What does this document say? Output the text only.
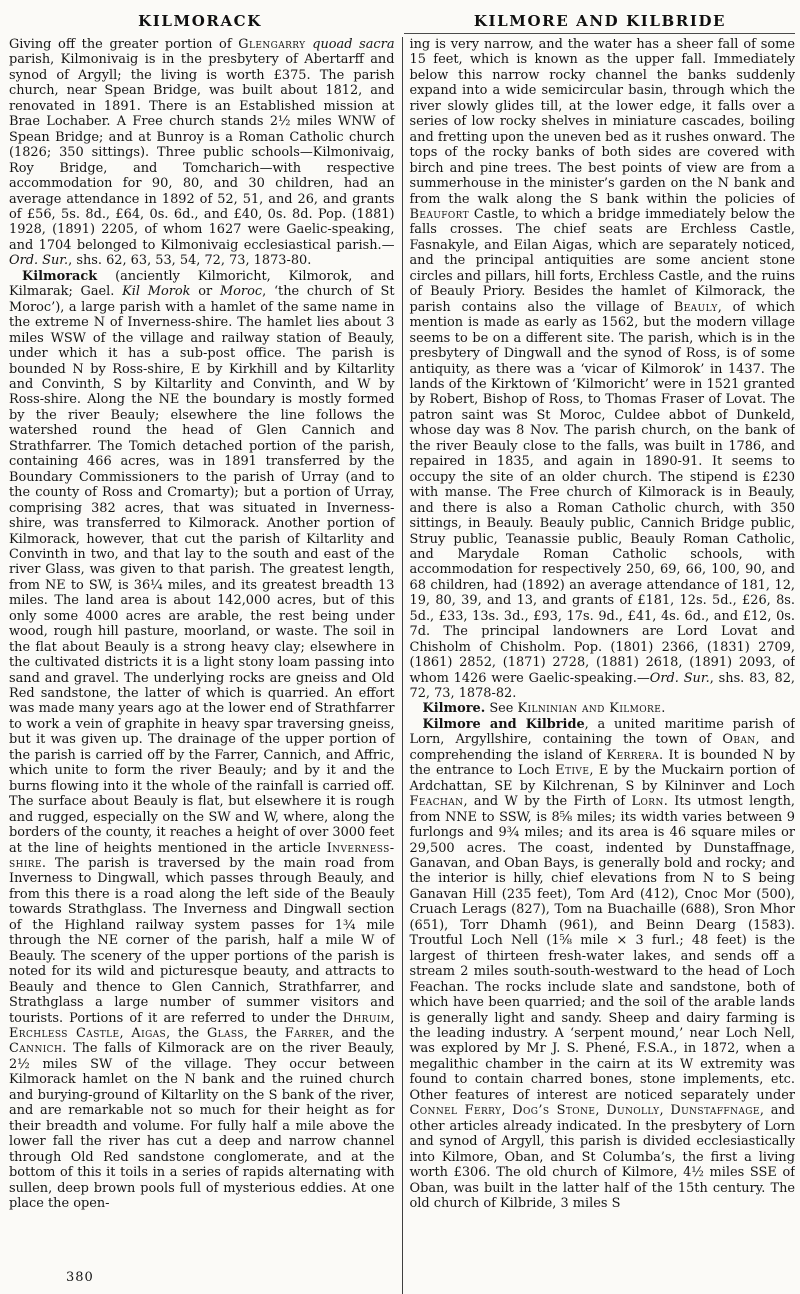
KILMORACK	KILMORE AND KILBRIDE

Giving off the greater portion of Glengarry quoad sacra parish, Kilmonivaig is in the presbytery of Abertarff and synod of Argyll; the living is worth £375. The parish church, near Spean Bridge, was built about 1812, and renovated in 1891. There is an Established mission at Brae Lochaber. A Free church stands 2½ miles WNW of Spean Bridge; and at Bunroy is a Roman Catholic church (1826; 350 sittings). Three public schools—Kilmonivaig, Roy Bridge, and Tomcharich—with respective accommodation for 90, 80, and 30 children, had an average attendance in 1892 of 52, 51, and 26, and grants of £56, 5s. 8d., £64, 0s. 6d., and £40, 0s. 8d. Pop. (1881) 1928, (1891) 2205, of whom 1627 were Gaelic-speaking, and 1704 belonged to Kilmonivaig ecclesiastical parish.—Ord. Sur., shs. 62, 63, 53, 54, 72, 73, 1873-80.

Kilmorack (anciently Kilmoricht, Kilmorok, and Kilmarak; Gael. Kil Morok or Moroc, ‘the church of St Moroc’), a large parish with a hamlet of the same name in the extreme N of Inverness-shire. The hamlet lies about 3 miles WSW of the village and railway station of Beauly, under which it has a sub-post office. The parish is bounded N by Ross-shire, E by Kirkhill and by Kiltarlity and Convinth, S by Kiltarlity and Convinth, and W by Ross-shire. Along the NE the boundary is mostly formed by the river Beauly; elsewhere the line follows the watershed round the head of Glen Cannich and Strathfarrer. The Tomich detached portion of the parish, containing 466 acres, was in 1891 transferred by the Boundary Commissioners to the parish of Urray (and to the county of Ross and Cromarty); but a portion of Urray, comprising 382 acres, that was situated in Inverness-shire, was transferred to Kilmorack. Another portion of Kilmorack, however, that cut the parish of Kiltarlity and Convinth in two, and that lay to the south and east of the river Glass, was given to that parish. The greatest length, from NE to SW, is 36¼ miles, and its greatest breadth 13 miles. The land area is about 142,000 acres, but of this only some 4000 acres are arable, the rest being under wood, rough hill pasture, moorland, or waste. The soil in the flat about Beauly is a strong heavy clay; elsewhere in the cultivated districts it is a light stony loam passing into sand and gravel. The underlying rocks are gneiss and Old Red sandstone, the latter of which is quarried. An effort was made many years ago at the lower end of Strathfarrer to work a vein of graphite in heavy spar traversing gneiss, but it was given up. The drainage of the upper portion of the parish is carried off by the Farrer, Cannich, and Affric, which unite to form the river Beauly; and by it and the burns flowing into it the whole of the rainfall is carried off. The surface about Beauly is flat, but elsewhere it is rough and rugged, especially on the SW and W, where, along the borders of the county, it reaches a height of over 3000 feet at the line of heights mentioned in the article Inverness-shire. The parish is traversed by the main road from Inverness to Dingwall, which passes through Beauly, and from this there is a road along the left side of the Beauly towards Strathglass. The Inverness and Dingwall section of the Highland railway system passes for 1¾ mile through the NE corner of the parish, half a mile W of Beauly. The scenery of the upper portions of the parish is noted for its wild and picturesque beauty, and attracts to Beauly and thence to Glen Cannich, Strathfarrer, and Strathglass a large number of summer visitors and tourists. Portions of it are referred to under the Dhruim, Erchless Castle, Aigas, the Glass, the Farrer, and the Cannich. The falls of Kilmorack are on the river Beauly, 2½ miles SW of the village. They occur between Kilmorack hamlet on the N bank and the ruined church and burying-ground of Kiltarlity on the S bank of the river, and are remarkable not so much for their height as for their breadth and volume. For fully half a mile above the lower fall the river has cut a deep and narrow channel through Old Red sandstone conglomerate, and at the bottom of this it toils in a series of rapids alternating with sullen, deep brown pools full of mysterious eddies. At one place the open-

ing is very narrow, and the water has a sheer fall of some 15 feet, which is known as the upper fall. Immediately below this narrow rocky channel the banks suddenly expand into a wide semicircular basin, through which the river slowly glides till, at the lower edge, it falls over a series of low rocky shelves in miniature cascades, boiling and fretting upon the uneven bed as it rushes onward. The tops of the rocky banks of both sides are covered with birch and pine trees. The best points of view are from a summerhouse in the minister’s garden on the N bank and from the walk along the S bank within the policies of Beaufort Castle, to which a bridge immediately below the falls crosses. The chief seats are Erchless Castle, Fasnakyle, and Eilan Aigas, which are separately noticed, and the principal antiquities are some ancient stone circles and pillars, hill forts, Erchless Castle, and the ruins of Beauly Priory. Besides the hamlet of Kilmorack, the parish contains also the village of Beauly, of which mention is made as early as 1562, but the modern village seems to be on a different site. The parish, which is in the presbytery of Dingwall and the synod of Ross, is of some antiquity, as there was a ‘vicar of Kilmorok’ in 1437. The lands of the Kirktown of ‘Kilmoricht’ were in 1521 granted by Robert, Bishop of Ross, to Thomas Fraser of Lovat. The patron saint was St Moroc, Culdee abbot of Dunkeld, whose day was 8 Nov. The parish church, on the bank of the river Beauly close to the falls, was built in 1786, and repaired in 1835, and again in 1890-91. It seems to occupy the site of an older church. The stipend is £230 with manse. The Free church of Kilmorack is in Beauly, and there is also a Roman Catholic church, with 350 sittings, in Beauly. Beauly public, Cannich Bridge public, Struy public, Teanassie public, Beauly Roman Catholic, and Marydale Roman Catholic schools, with accommodation for respectively 250, 69, 66, 100, 90, and 68 children, had (1892) an average attendance of 181, 12, 19, 80, 39, and 13, and grants of £181, 12s. 5d., £26, 8s. 5d., £33, 13s. 3d., £93, 17s. 9d., £41, 4s. 6d., and £12, 0s. 7d. The principal landowners are Lord Lovat and Chisholm of Chisholm. Pop. (1801) 2366, (1831) 2709, (1861) 2852, (1871) 2728, (1881) 2618, (1891) 2093, of whom 1426 were Gaelic-speaking.—Ord. Sur., shs. 83, 82, 72, 73, 1878-82.

Kilmore. See Kilninian and Kilmore.

Kilmore and Kilbride, a united maritime parish of Lorn, Argyllshire, containing the town of Oban, and comprehending the island of Kerrera. It is bounded N by the entrance to Loch Etive, E by the Muckairn portion of Ardchattan, SE by Kilchrenan, S by Kilninver and Loch Feachan, and W by the Firth of Lorn. Its utmost length, from NNE to SSW, is 8⅝ miles; its width varies between 9 furlongs and 9¾ miles; and its area is 46 square miles or 29,500 acres. The coast, indented by Dunstaffnage, Ganavan, and Oban Bays, is generally bold and rocky; and the interior is hilly, chief elevations from N to S being Ganavan Hill (235 feet), Tom Ard (412), Cnoc Mor (500), Cruach Lerags (827), Tom na Buachaille (688), Sron Mhor (651), Torr Dhamh (961), and Beinn Dearg (1583). Troutful Loch Nell (1⅝ mile × 3 furl.; 48 feet) is the largest of thirteen fresh-water lakes, and sends off a stream 2 miles south-south-westward to the head of Loch Feachan. The rocks include slate and sandstone, both of which have been quarried; and the soil of the arable lands is generally light and sandy. Sheep and dairy farming is the leading industry. A ‘serpent mound,’ near Loch Nell, was explored by Mr J. S. Phené, F.S.A., in 1872, when a megalithic chamber in the cairn at its W extremity was found to contain charred bones, stone implements, etc. Other features of interest are noticed separately under Connel Ferry, Dog’s Stone, Dunolly, Dunstaffnage, and other articles already indicated. In the presbytery of Lorn and synod of Argyll, this parish is divided ecclesiastically into Kilmore, Oban, and St Columba’s, the first a living worth £306. The old church of Kilmore, 4½ miles SSE of Oban, was built in the latter half of the 15th century. The old church of Kilbride, 3 miles S

380
